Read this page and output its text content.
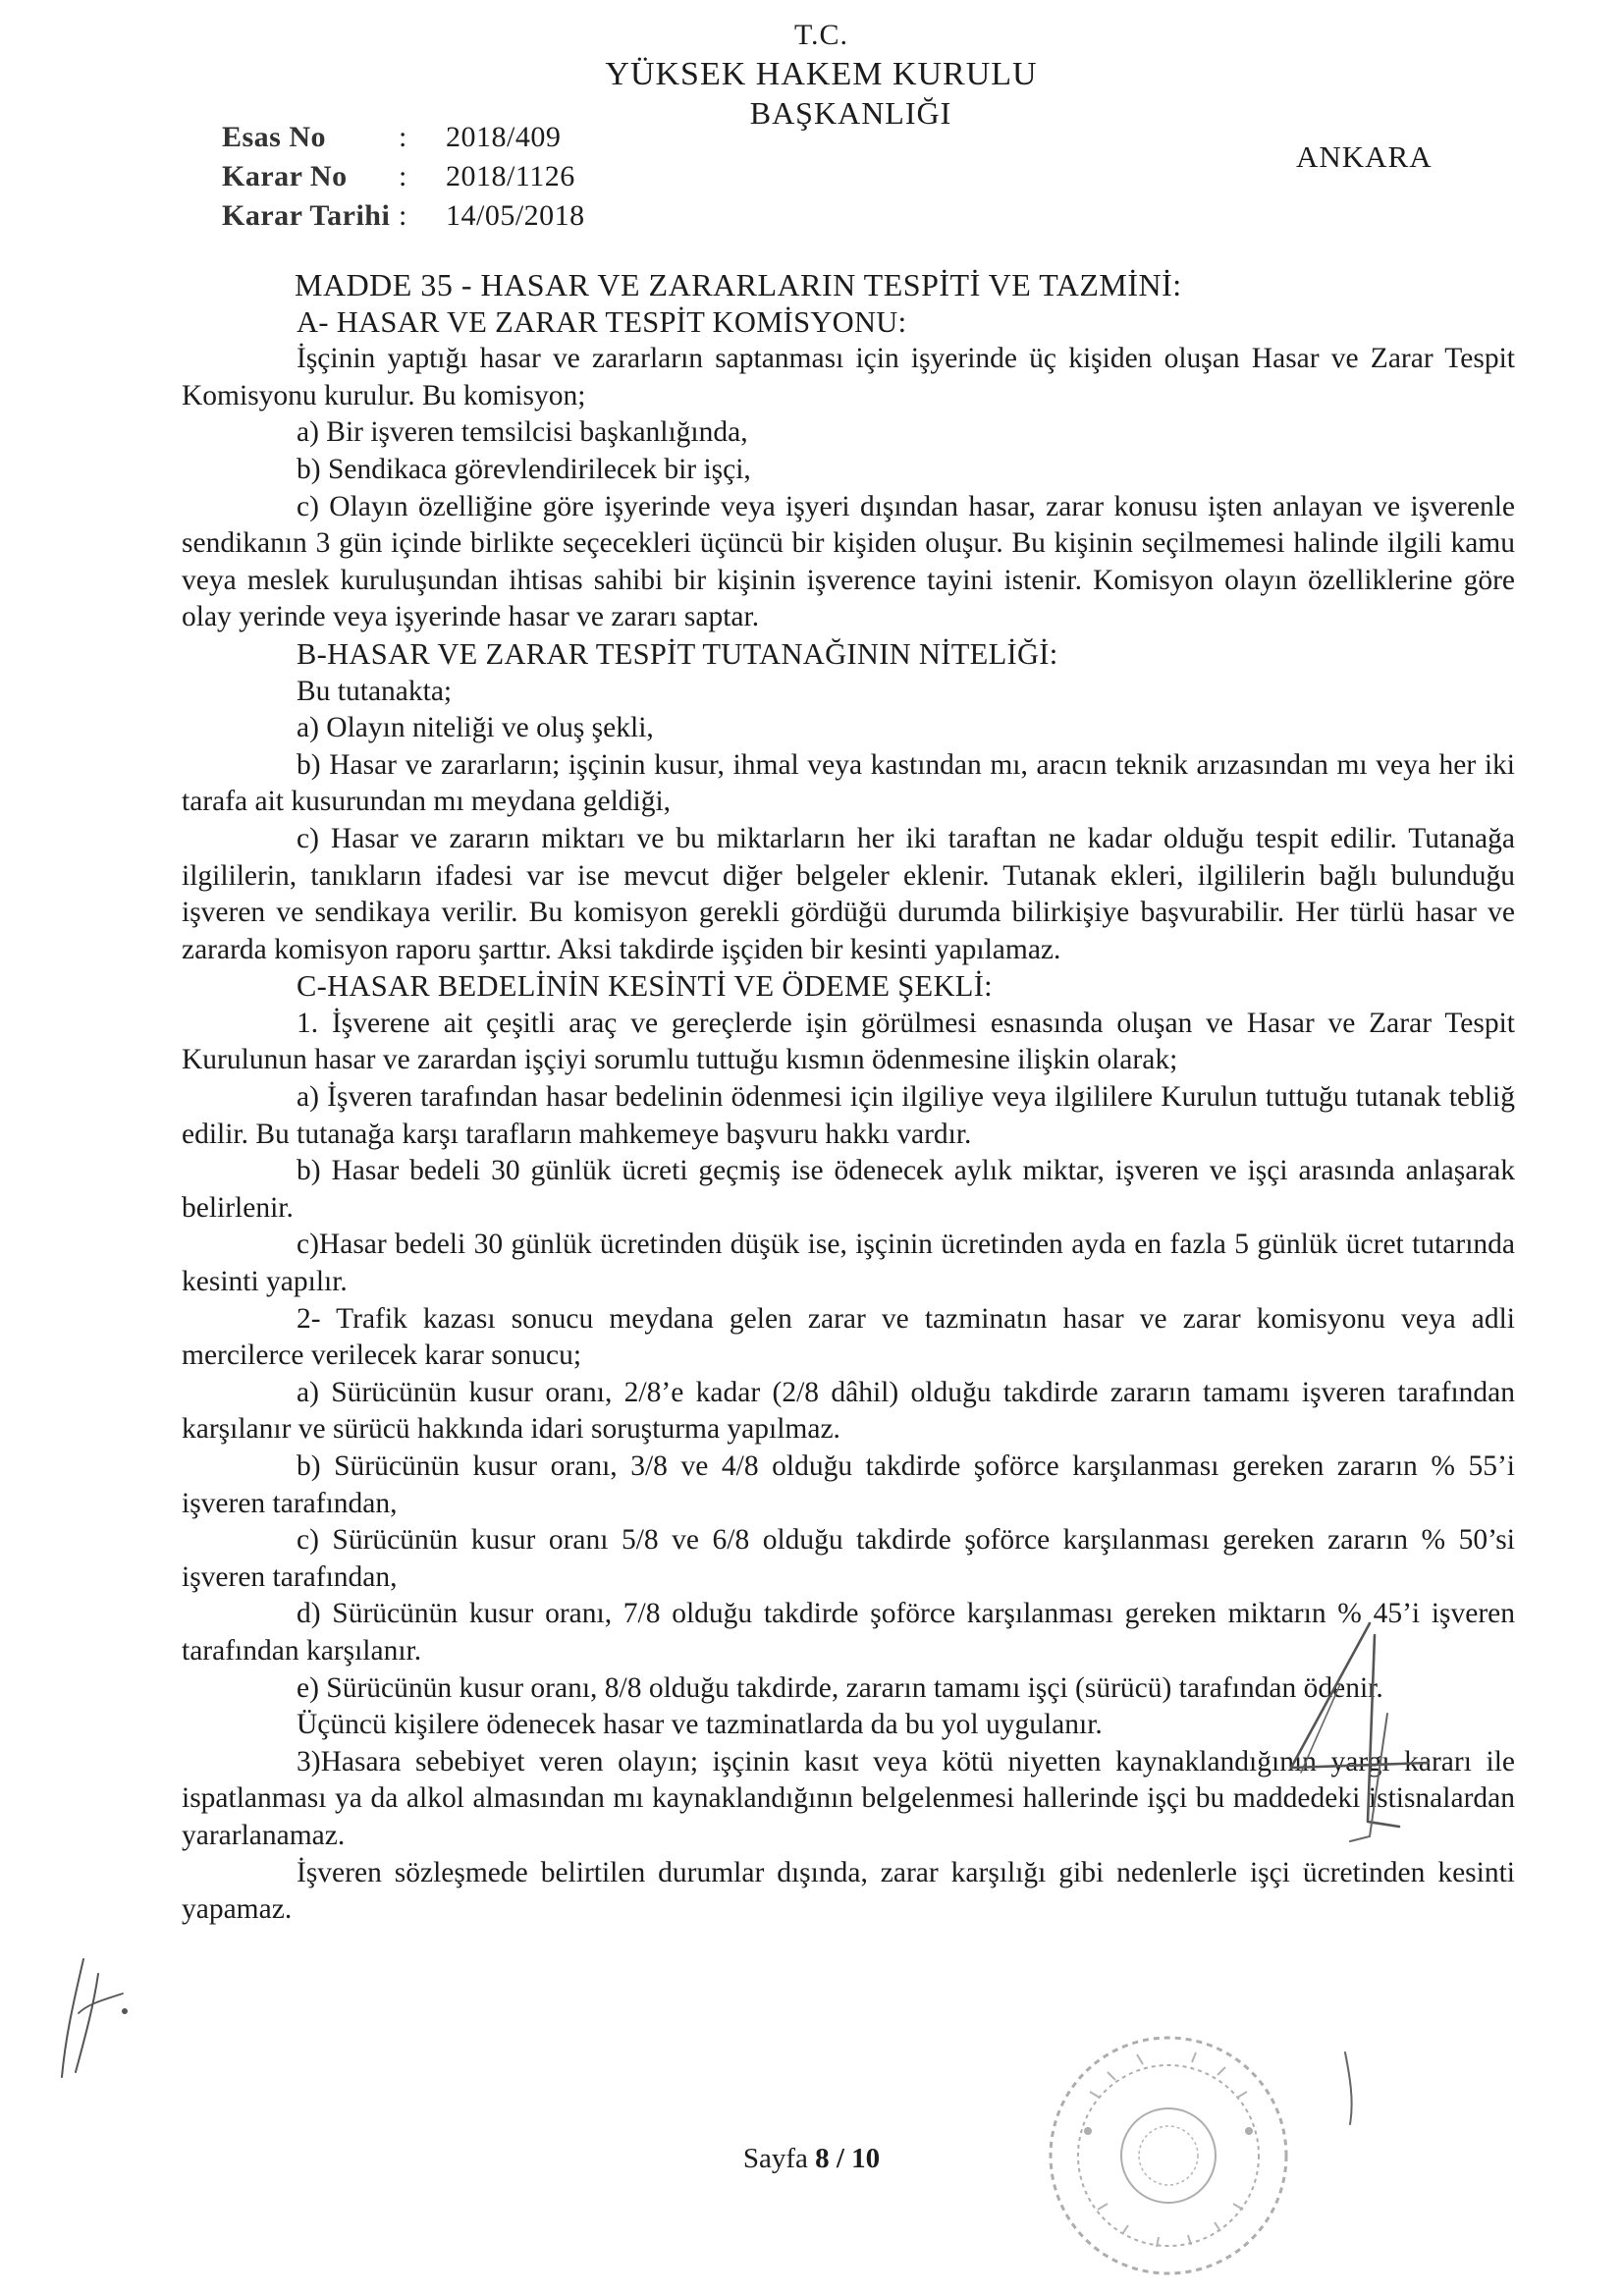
T.C.
YÜKSEK HAKEM KURULU
BAŞKANLIĞI
Esas No	:	2018/409
Karar No	:	2018/1126
Karar Tarihi :	14/05/2018
ANKARA

MADDE 35 - HASAR VE ZARARLARIN TESPİTİ VE TAZMİNİ:

A- HASAR VE ZARAR TESPİT KOMİSYONU:

İşçinin yaptığı hasar ve zararların saptanması için işyerinde üç kişiden oluşan Hasar ve Zarar Tespit Komisyonu kurulur. Bu komisyon;

a) Bir işveren temsilcisi başkanlığında,

b) Sendikaca görevlendirilecek bir işçi,

c) Olayın özelliğine göre işyerinde veya işyeri dışından hasar, zarar konusu işten anlayan ve işverenle sendikanın 3 gün içinde birlikte seçecekleri üçüncü bir kişiden oluşur. Bu kişinin seçilmemesi halinde ilgili kamu veya meslek kuruluşundan ihtisas sahibi bir kişinin işverence tayini istenir. Komisyon olayın özelliklerine göre olay yerinde veya işyerinde hasar ve zararı saptar.

B-HASAR VE ZARAR TESPİT TUTANAĞININ NİTELİĞİ:

Bu tutanakta;

a) Olayın niteliği ve oluş şekli,

b) Hasar ve zararların; işçinin kusur, ihmal veya kastından mı, aracın teknik arızasından mı veya her iki tarafa ait kusurundan mı meydana geldiği,

c) Hasar ve zararın miktarı ve bu miktarların her iki taraftan ne kadar olduğu tespit edilir. Tutanağa ilgililerin, tanıkların ifadesi var ise mevcut diğer belgeler eklenir. Tutanak ekleri, ilgililerin bağlı bulunduğu işveren ve sendikaya verilir. Bu komisyon gerekli gördüğü durumda bilirkişiye başvurabilir. Her türlü hasar ve zararda komisyon raporu şarttır. Aksi takdirde işçiden bir kesinti yapılamaz.

C-HASAR BEDELİNİN KESİNTİ VE ÖDEME ŞEKLİ:

1. İşverene ait çeşitli araç ve gereçlerde işin görülmesi esnasında oluşan ve Hasar ve Zarar Tespit Kurulunun hasar ve zarardan işçiyi sorumlu tuttuğu kısmın ödenmesine ilişkin olarak;

a) İşveren tarafından hasar bedelinin ödenmesi için ilgiliye veya ilgililere Kurulun tuttuğu tutanak tebliğ edilir. Bu tutanağa karşı tarafların mahkemeye başvuru hakkı vardır.

b) Hasar bedeli 30 günlük ücreti geçmiş ise ödenecek aylık miktar, işveren ve işçi arasında anlaşarak belirlenir.

c)Hasar bedeli 30 günlük ücretinden düşük ise, işçinin ücretinden ayda en fazla 5 günlük ücret tutarında kesinti yapılır.

2- Trafik kazası sonucu meydana gelen zarar ve tazminatın hasar ve zarar komisyonu veya adli mercilerce verilecek karar sonucu;

a) Sürücünün kusur oranı, 2/8’e kadar (2/8 dâhil) olduğu takdirde zararın tamamı işveren tarafından karşılanır ve sürücü hakkında idari soruşturma yapılmaz.

b) Sürücünün kusur oranı, 3/8 ve 4/8 olduğu takdirde şoförce karşılanması gereken zararın % 55’i işveren tarafından,

c) Sürücünün kusur oranı 5/8 ve 6/8 olduğu takdirde şoförce karşılanması gereken zararın % 50’si işveren tarafından,

d) Sürücünün kusur oranı, 7/8 olduğu takdirde şoförce karşılanması gereken miktarın % 45’i işveren tarafından karşılanır.

e) Sürücünün kusur oranı, 8/8 olduğu takdirde, zararın tamamı işçi (sürücü) tarafından ödenir.

Üçüncü kişilere ödenecek hasar ve tazminatlarda da bu yol uygulanır.

3)Hasara sebebiyet veren olayın; işçinin kasıt veya kötü niyetten kaynaklandığının yargı kararı ile ispatlanması ya da alkol almasından mı kaynaklandığının belgelenmesi hallerinde işçi bu maddedeki istisnalardan yararlanamaz.

İşveren sözleşmede belirtilen durumlar dışında, zarar karşılığı gibi nedenlerle işçi ücretinden kesinti yapamaz.

Sayfa 8 / 10
